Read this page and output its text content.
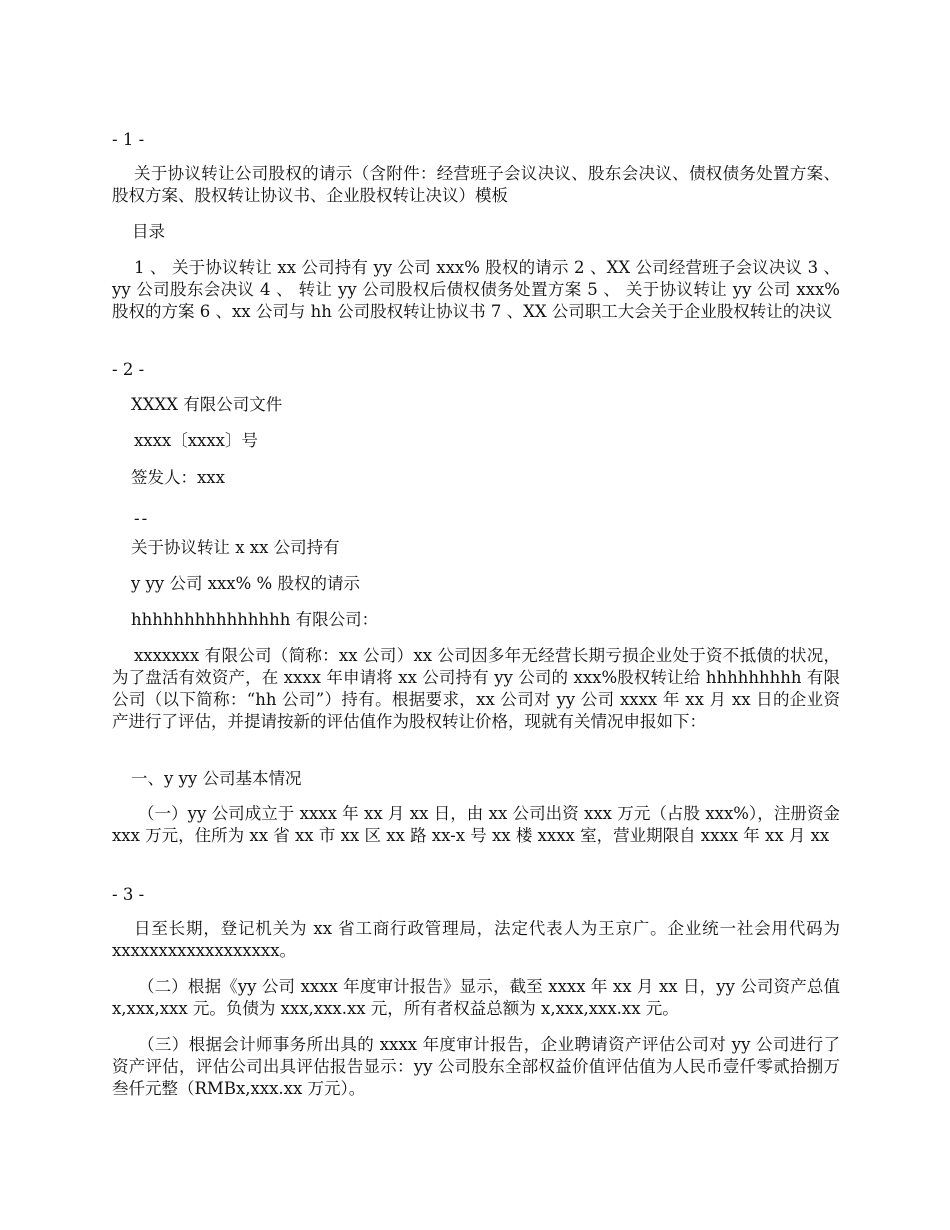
- 1 -
关于协议转让公司股权的请示（含附件：经营班子会议决议、股东会决议、债权债务处置方案、股权方案、股权转让协议书、企业股权转让决议）模板
目录
1 、 关于协议转让 xx 公司持有 yy 公司 xxx% 股权的请示 2 、XX 公司经营班子会议决议 3 、yy 公司股东会决议 4 、 转让 yy 公司股权后债权债务处置方案 5 、 关于协议转让 yy 公司 xxx% 股权的方案 6 、xx 公司与 hh 公司股权转让协议书 7 、XX 公司职工大会关于企业股权转让的决议
- 2 -
XXXX 有限公司文件
xxxx〔xxxx〕号
签发人：xxx
--
关于协议转让 x xx 公司持有
y yy 公司 xxx% % 股权的请示
hhhhhhhhhhhhhhh 有限公司：
xxxxxxx 有限公司（简称：xx 公司）xx 公司因多年无经营长期亏损企业处于资不抵债的状况，为了盘活有效资产，在 xxxx 年申请将 xx 公司持有 yy 公司的 xxx%股权转让给 hhhhhhhhh 有限公司（以下简称：“hh 公司”）持有。根据要求，xx 公司对 yy 公司 xxxx 年 xx 月 xx 日的企业资产进行了评估，并提请按新的评估值作为股权转让价格，现就有关情况申报如下：
一、y yy 公司基本情况
（一）yy 公司成立于 xxxx 年 xx 月 xx 日，由 xx 公司出资 xxx 万元（占股 xxx%），注册资金 xxx 万元，住所为 xx 省 xx 市 xx 区 xx 路 xx-x 号 xx 楼 xxxx 室，营业期限自 xxxx 年 xx 月 xx
- 3 -
日至长期，登记机关为 xx 省工商行政管理局，法定代表人为王京广。企业统一社会用代码为 xxxxxxxxxxxxxxxxxx。
（二）根据《yy 公司 xxxx 年度审计报告》显示，截至 xxxx 年 xx 月 xx 日，yy 公司资产总值 x,xxx,xxx 元。负债为 xxx,xxx.xx 元，所有者权益总额为 x,xxx,xxx.xx 元。
（三）根据会计师事务所出具的 xxxx 年度审计报告，企业聘请资产评估公司对 yy 公司进行了资产评估，评估公司出具评估报告显示：yy 公司股东全部权益价值评估值为人民币壹仟零贰拾捌万叁仟元整（RMBx,xxx.xx 万元）。
